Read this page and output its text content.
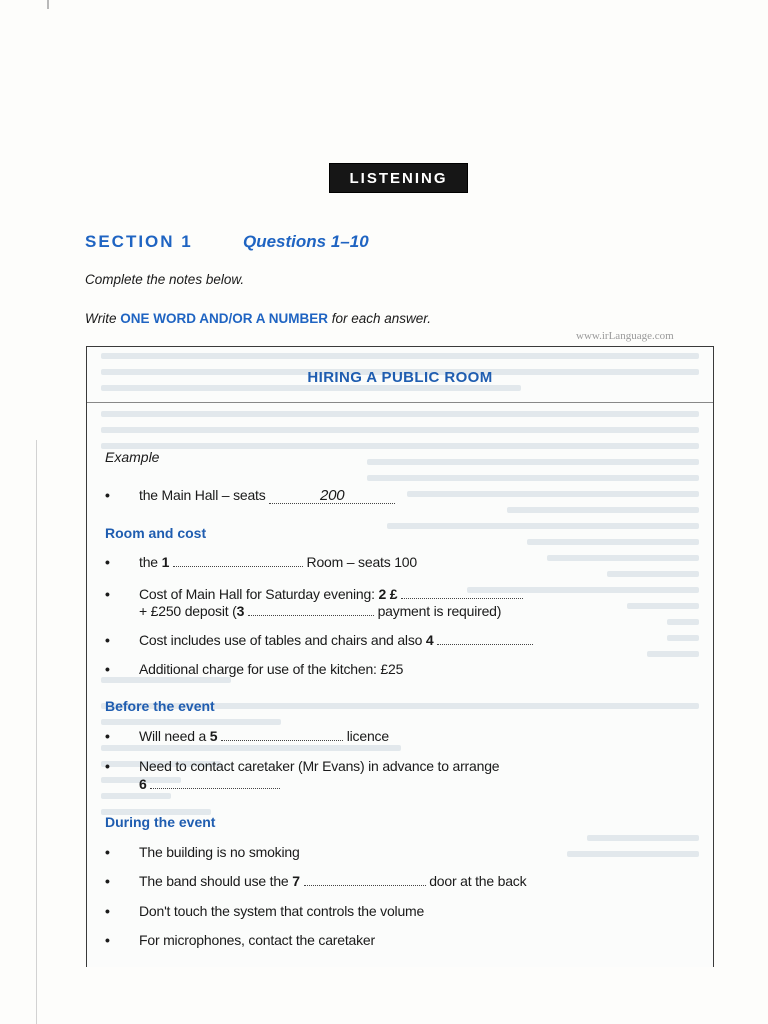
LISTENING
SECTION 1	Questions 1–10
Complete the notes below.
Write ONE WORD AND/OR A NUMBER for each answer.
www.irLanguage.com
HIRING A PUBLIC ROOM
Example
• the Main Hall – seats	200
Room and cost
• the 1	Room – seats 100
• Cost of Main Hall for Saturday evening: 2 £
+ £250 deposit (3	payment is required)
• Cost includes use of tables and chairs and also 4
• Additional charge for use of the kitchen: £25
Before the event
• Will need a 5	licence
• Need to contact caretaker (Mr Evans) in advance to arrange
6
During the event
• The building is no smoking
• The band should use the 7	door at the back
• Don't touch the system that controls the volume
• For microphones, contact the caretaker
